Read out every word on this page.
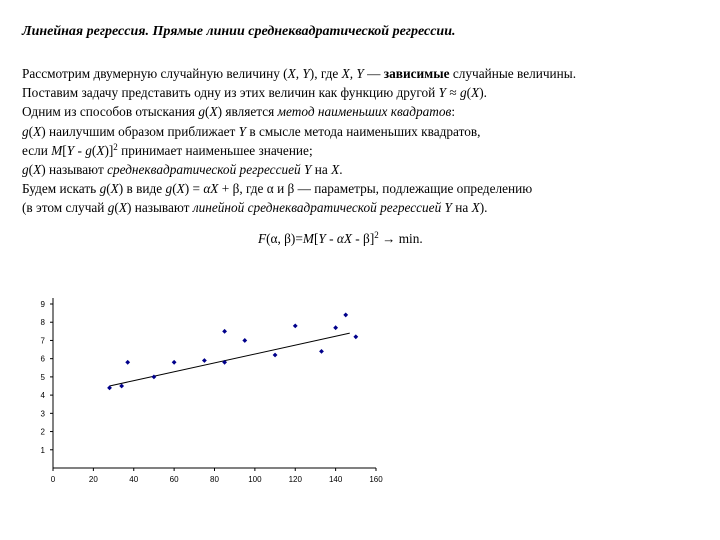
Линейная регрессия. Прямые линии среднеквадратической регрессии.
Рассмотрим двумерную случайную величину (X, Y), где X, Y — зависимые случайные величины.
Поставим задачу представить одну из этих величин как функцию другой Y ≈ g(X).
Одним из способов отыскания g(X) является метод наименьших квадратов:
g(X) наилучшим образом приближает Y в смысле метода наименьших квадратов,
если M[Y - g(X)]$^2$ принимает наименьшее значение;
g(X) называют среднеквадратической регрессией Y на X.
Будем искать g(X) в виде g(X) = αX + β, где α и β — параметры, подлежащие определению
(в этом случай g(X) называют линейной среднеквадратической регрессией Y на X).
F(α, β)=M[Y - αX - β]$^2$ → min.
1
2
3
4
5
6
7
8
9
0	20	40	60	80	100	120	140	160
